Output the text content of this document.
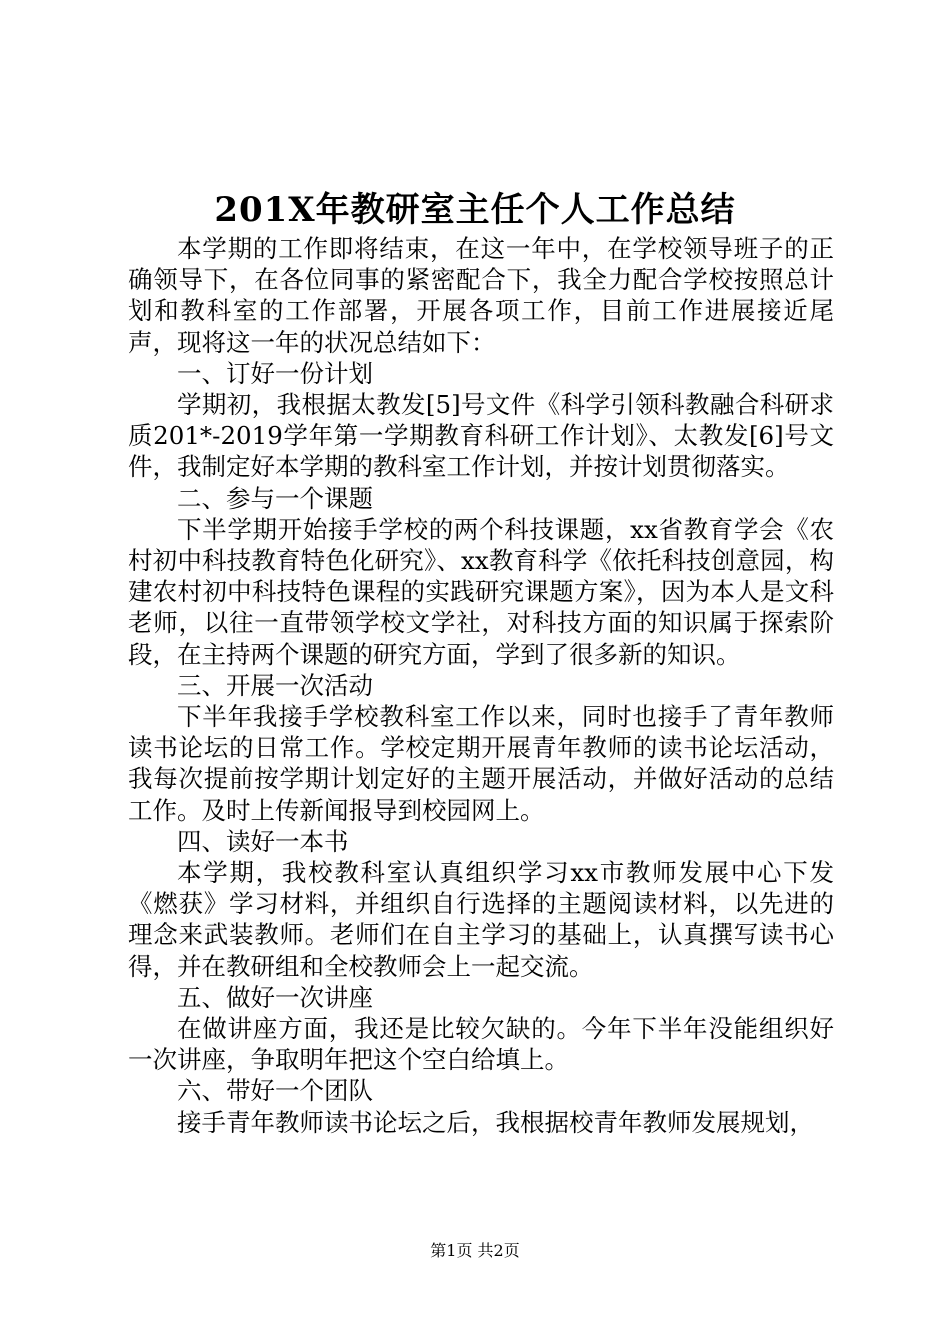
201X年教研室主任个人工作总结

本学期的工作即将结束，在这一年中，在学校领导班子的正确领导下，在各位同事的紧密配合下，我全力配合学校按照总计划和教科室的工作部署，开展各项工作，目前工作进展接近尾声，现将这一年的状况总结如下：

一、订好一份计划

学期初，我根据太教发[5]号文件《科学引领科教融合科研求质201*-2019学年第一学期教育科研工作计划》、太教发[6]号文件，我制定好本学期的教科室工作计划，并按计划贯彻落实。

二、参与一个课题

下半学期开始接手学校的两个科技课题，xx省教育学会《农村初中科技教育特色化研究》、xx教育科学《依托科技创意园，构建农村初中科技特色课程的实践研究课题方案》，因为本人是文科老师，以往一直带领学校文学社，对科技方面的知识属于探索阶段，在主持两个课题的研究方面，学到了很多新的知识。

三、开展一次活动

下半年我接手学校教科室工作以来，同时也接手了青年教师读书论坛的日常工作。学校定期开展青年教师的读书论坛活动，我每次提前按学期计划定好的主题开展活动，并做好活动的总结工作。及时上传新闻报导到校园网上。

四、读好一本书

本学期，我校教科室认真组织学习xx市教师发展中心下发《燃获》学习材料，并组织自行选择的主题阅读材料，以先进的理念来武装教师。老师们在自主学习的基础上，认真撰写读书心得，并在教研组和全校教师会上一起交流。

五、做好一次讲座

在做讲座方面，我还是比较欠缺的。今年下半年没能组织好一次讲座，争取明年把这个空白给填上。

六、带好一个团队

接手青年教师读书论坛之后，我根据校青年教师发展规划，

第1页 共2页
